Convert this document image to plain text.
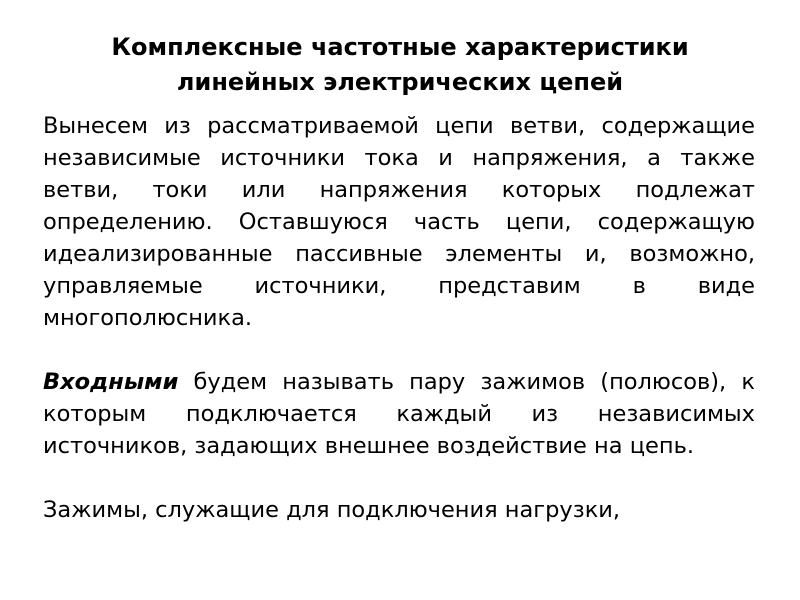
Комплексные частотные характеристики
линейных электрических цепей

Вынесем из рассматриваемой цепи ветви, содержащие независимые источники тока и напряжения, а также ветви, токи или напряжения которых подлежат определению. Оставшуюся часть цепи, содержащую идеализированные пассивные элементы и, возможно, управляемые источники, представим в виде многополюсника.

Входными будем называть пару зажимов (полюсов), к которым подключается каждый из независимых источников, задающих внешнее воздействие на цепь.

Зажимы, служащие для подключения нагрузки,
